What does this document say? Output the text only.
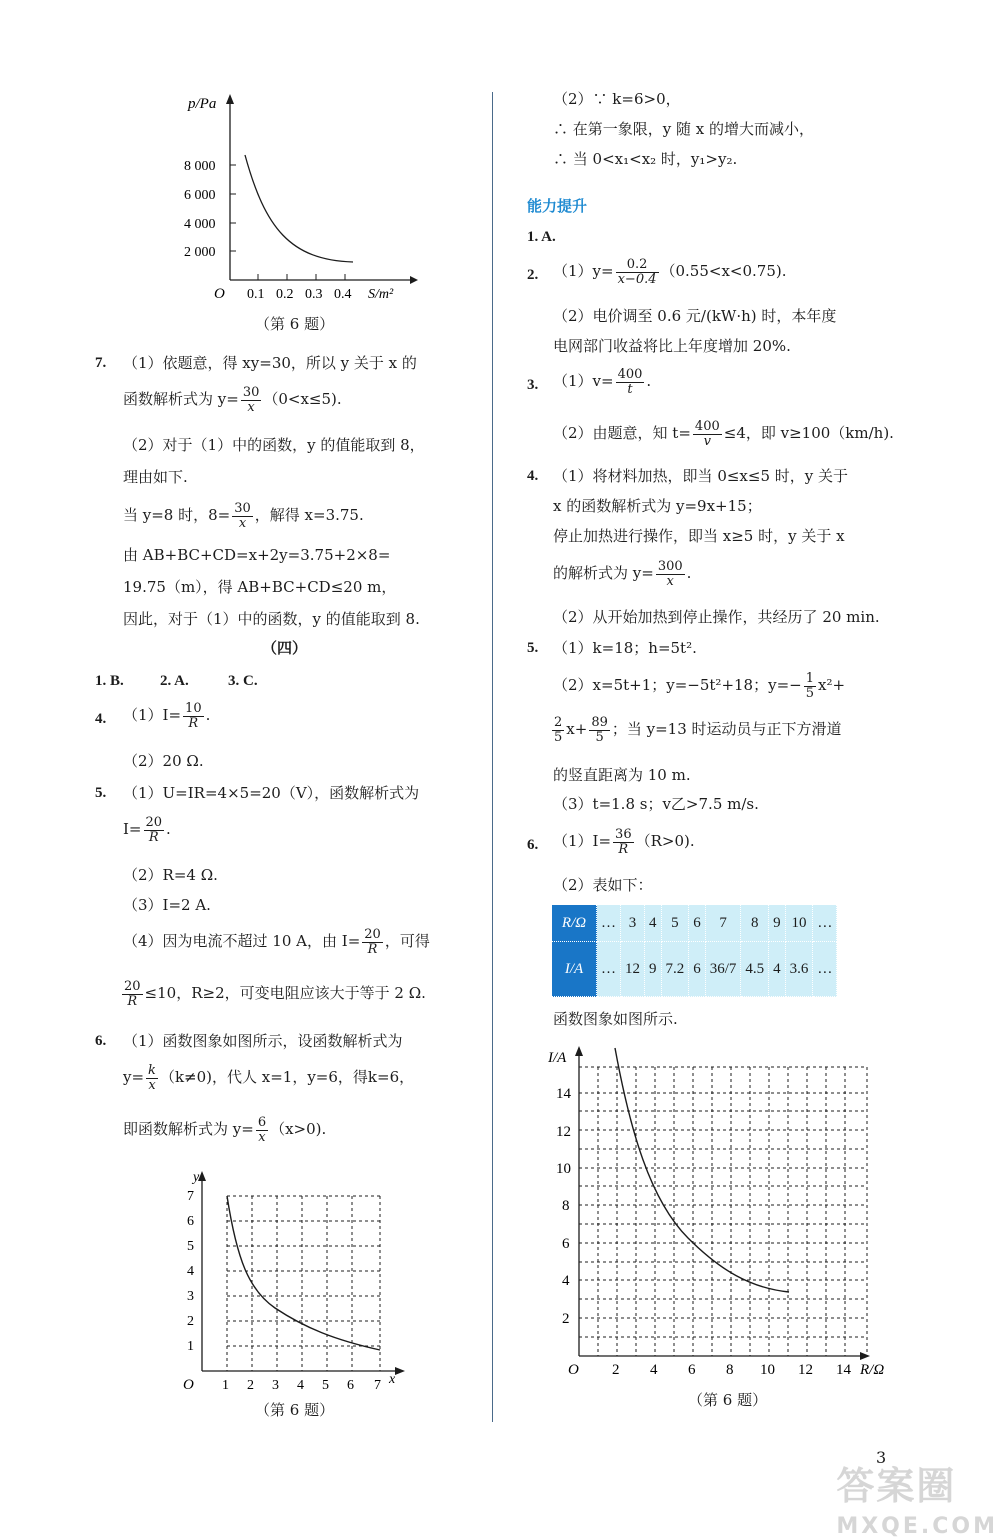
p/Pa
8 000
6 000
4 000
2 000
O 0.1 0.2 0.3 0.4 S/m²
（第 6 题）
7. （1）依题意，得 xy=30，所以 y 关于 x 的
函数解析式为 $y= \frac{30}{x} (0<x\le 5)$.
（2）对于（1）中的函数，y 的值能取到 8，
理由如下.
当 y=8 时，$8= \frac{30}{x}$ ，解得 x=3.75.
由 AB+BC+CD=x+2y=3.75+2×8=
19.75（m），得 AB+BC+CD≤20 m，
因此，对于（1）中的函数，y 的值能取到 8.
（四）
1. B. 2. A.	3. C.
4. $(1)I= \frac{10}{R}$ .
（2）20 Ω.
5. （1）U=IR=4×5=20（V），函数解析式为
$I= \frac{20}{R}$ .
（2）R=4 Ω.
（3）I=2 A.
（4）因为电流不超过 10 A，由 $I= \frac{20}{R}$ ，可得
$\frac{20}{R} \le 10$，R≥2，可变电阻应该大于等于 2 Ω.
6. （1）函数图象如图所示，设函数解析式为
$y= \frac{k}{x} (k\ne 0)$，代人 x=1，y=6，得k=6，
即函数解析式为 $y= \frac{6}{x} (x>0)$.
y
7
6
5
4
3
2
1
O 1 2 3 4 5 6 7 x
（第 6 题）
（2）∵ k=6>0，
∴ 在第一象限，y 随 x 的增大而减小，
∴ 当 0<x₁<x₂ 时，y₁>y₂.
能力提升
1. A.
2. $(1)y= \frac{0.2}{x-0.4} (0.55<x<0.75)$.
（2）电价调至 0.6 元/(kW·h) 时，本年度
电网部门收益将比上年度增加 20%.
3. $(1)v= \frac{400}{t}$ .
（2）由题意，知 $t= \frac{400}{v} \le 4$，即 v≥100（km/h).
4. （1）将材料加热，即当 0≤x≤5 时，y 关于
x 的函数解析式为 y=9x+15；
停止加热进行操作，即当 x≥5 时，y 关于 x
的解析式为 $y= \frac{300}{x}$ .
（2）从开始加热到停止操作，共经历了 20 min.
5. （1）k=18；h=5t².
（2）x=5t+1；y=−5t²+18；$y=- \frac{1}{5} x^2+$
$\frac{2}{5} x+ \frac{89}{5}$ ；当 y=13 时运动员与正下方滑道
的竖直距离为 10 m.
（3）t=1.8 s；v乙>7.5 m/s.
6. $(1)I= \frac{36}{R} (R>0)$.
（2）表如下：
R/Ω	…	3	4	5	6	7	8	9	10	…
I/A	…	12	9	7.2	6	36/7	4.5	4	3.6	…
函数图象如图所示.
I/A
14
12
10
8
6
4
2
O 2 4 6 8 10 12 14 R/Ω
（第 6 题）
3
答案圈
MXQE.COM
